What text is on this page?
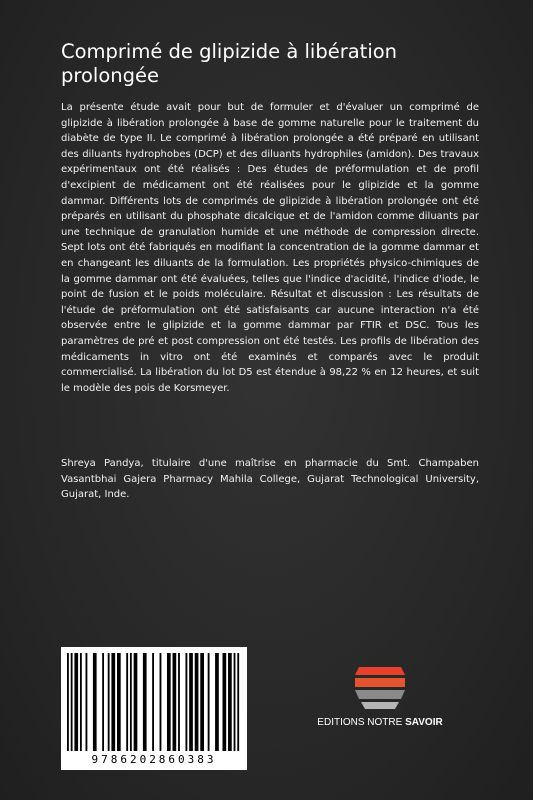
Comprimé de glipizide à libération prolongée

La présente étude avait pour but de formuler et d'évaluer un comprimé de glipizide à libération prolongée à base de gomme naturelle pour le traitement du diabète de type II. Le comprimé à libération prolongée a été préparé en utilisant des diluants hydrophobes (DCP) et des diluants hydrophiles (amidon). Des travaux expérimentaux ont été réalisés : Des études de préformulation et de profil d'excipient de médicament ont été réalisées pour le glipizide et la gomme dammar. Différents lots de comprimés de glipizide à libération prolongée ont été préparés en utilisant du phosphate dicalcique et de l'amidon comme diluants par une technique de granulation humide et une méthode de compression directe. Sept lots ont été fabriqués en modifiant la concentration de la gomme dammar et en changeant les diluants de la formulation. Les propriétés physico-chimiques de la gomme dammar ont été évaluées, telles que l'indice d'acidité, l'indice d'iode, le point de fusion et le poids moléculaire. Résultat et discussion : Les résultats de l'étude de préformulation ont été satisfaisants car aucune interaction n'a été observée entre le glipizide et la gomme dammar par FTIR et DSC. Tous les paramètres de pré et post compression ont été testés. Les profils de libération des médicaments in vitro ont été examinés et comparés avec le produit commercialisé. La libération du lot D5 est étendue à 98,22 % en 12 heures, et suit le modèle des pois de Korsmeyer.

Shreya Pandya, titulaire d'une maîtrise en pharmacie du Smt. Champaben Vasantbhai Gajera Pharmacy Mahila College, Gujarat Technological University, Gujarat, Inde.

9786202860383
EDITIONS NOTRE SAVOIR
